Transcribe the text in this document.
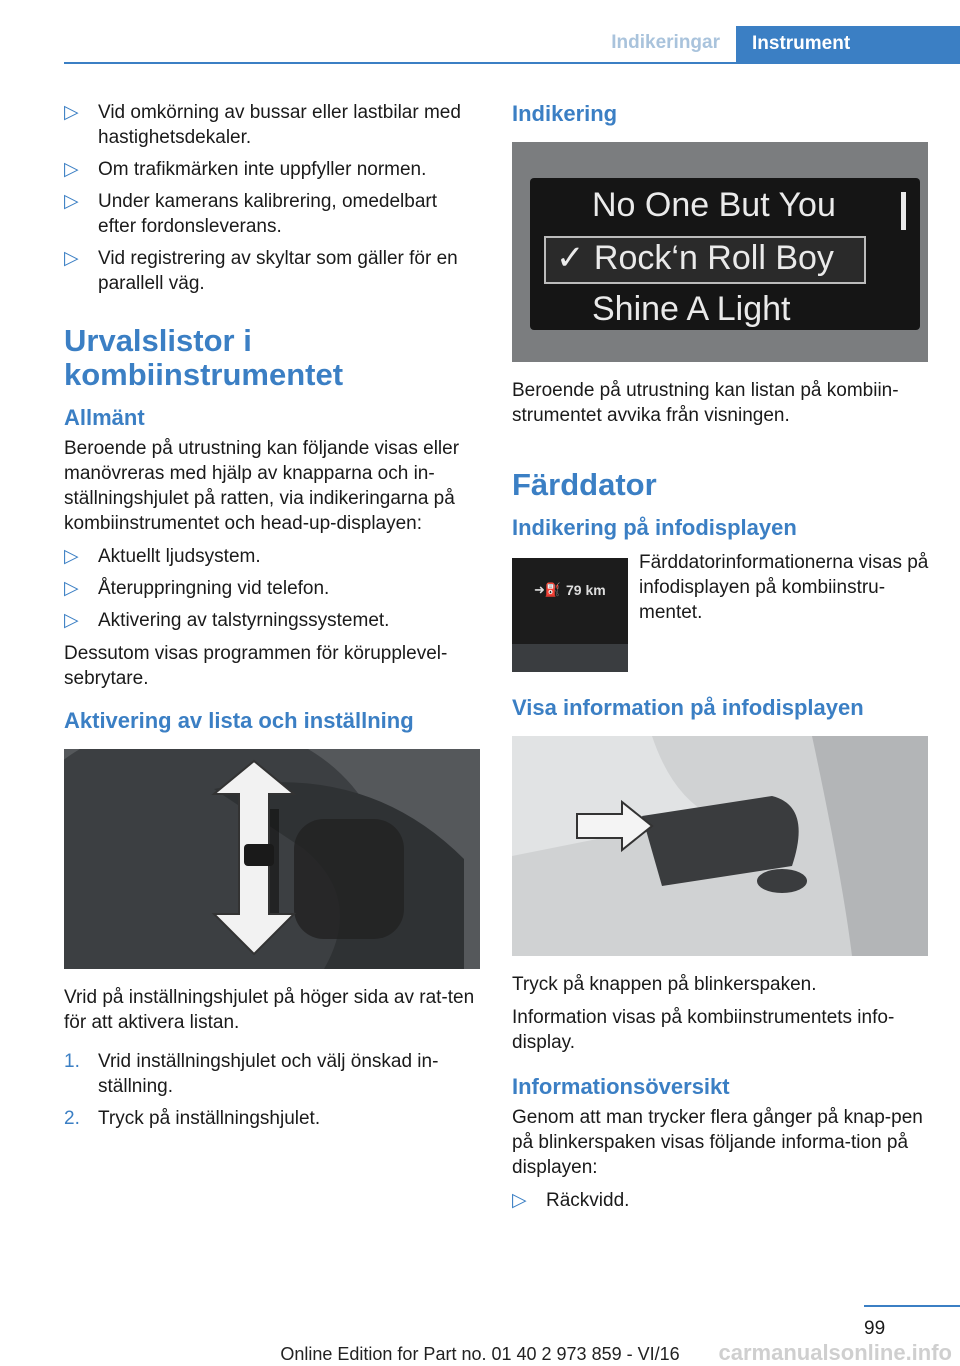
Indikeringar	Instrument
▷ Vid omkörning av bussar eller lastbilar med hastighetsdekaler.
▷ Om trafikmärken inte uppfyller normen.
▷ Under kamerans kalibrering, omedelbart efter fordonsleverans.
▷ Vid registrering av skyltar som gäller för en parallell väg.
Urvalslistor i kombiinstrumentet
Allmänt

Beroende på utrustning kan följande visas eller manövreras med hjälp av knapparna och in‐ställningshjulet på ratten, via indikeringarna på kombiinstrumentet och head-up-displayen:

▷ Aktuellt ljudsystem.
▷ Återuppringning vid telefon.
▷ Aktivering av talstyrningssystemet.

Dessutom visas programmen för körupplevel‐sebrytare.

Aktivering av lista och inställning

Vrid på inställningshjulet på höger sida av rat‐ten för att aktivera listan.

1. Vrid inställningshjulet och välj önskad in‐ställning.
2. Tryck på inställningshjulet.
Indikering
No One But You
✓ Rock‘n Roll Boy
Shine A Light

Beroende på utrustning kan listan på kombiin‐strumentet avvika från visningen.

Färddator
Indikering på infodisplayen
➜⛽ 79 km

Färddatorinformationerna visas på infodisplayen på kombiinstru‐mentet.

Visa information på infodisplayen

Tryck på knappen på blinkerspaken.

Information visas på kombiinstrumentets info‐display.

Informationsöversikt

Genom att man trycker flera gånger på knap‐pen på blinkerspaken visas följande informa‐tion på displayen:

▷ Räckvidd.
99
Online Edition for Part no. 01 40 2 973 859 - VI/16	carmanualsonline.info
